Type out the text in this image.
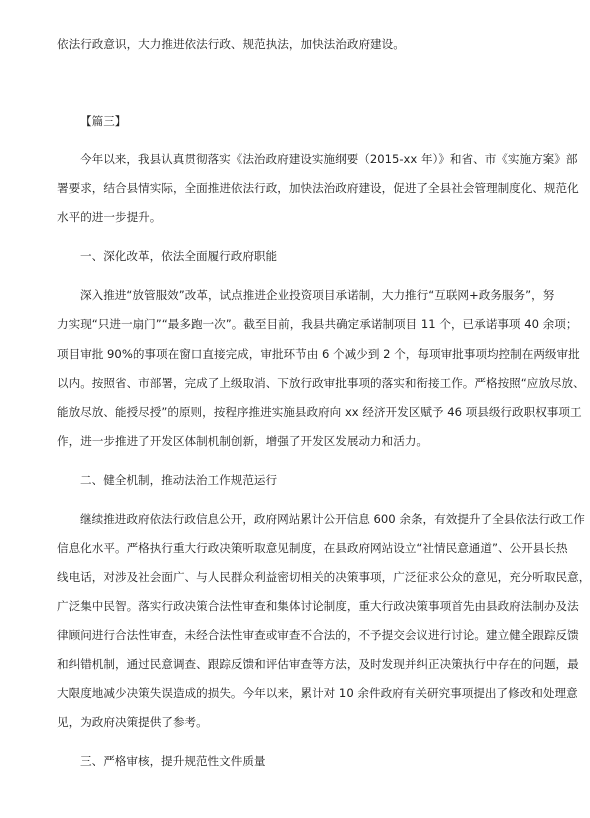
依法行政意识，大力推进依法行政、规范执法，加快法治政府建设。
【篇三】
今年以来，我县认真贯彻落实《法治政府建设实施纲要（2015-xx 年）》和省、市《实施方案》部
署要求，结合县情实际，全面推进依法行政，加快法治政府建设，促进了全县社会管理制度化、规范化
水平的进一步提升。
一、深化改革，依法全面履行政府职能
深入推进“放管服效”改革，试点推进企业投资项目承诺制，大力推行“互联网+政务服务”，努
力实现“只进一扇门”“最多跑一次”。截至目前，我县共确定承诺制项目 11 个，已承诺事项 40 余项；
项目审批 90%的事项在窗口直接完成，审批环节由 6 个减少到 2 个，每项审批事项均控制在两级审批
以内。按照省、市部署，完成了上级取消、下放行政审批事项的落实和衔接工作。严格按照“应放尽放、
能放尽放、能授尽授”的原则，按程序推进实施县政府向 xx 经济开发区赋予 46 项县级行政职权事项工
作，进一步推进了开发区体制机制创新，增强了开发区发展动力和活力。
二、健全机制，推动法治工作规范运行
继续推进政府依法行政信息公开，政府网站累计公开信息 600 余条，有效提升了全县依法行政工作
信息化水平。严格执行重大行政决策听取意见制度，在县政府网站设立“社情民意通道”、公开县长热
线电话，对涉及社会面广、与人民群众利益密切相关的决策事项，广泛征求公众的意见，充分听取民意，
广泛集中民智。落实行政决策合法性审查和集体讨论制度，重大行政决策事项首先由县政府法制办及法
律顾问进行合法性审查，未经合法性审查或审查不合法的，不予提交会议进行讨论。建立健全跟踪反馈
和纠错机制，通过民意调查、跟踪反馈和评估审查等方法，及时发现并纠正决策执行中存在的问题，最
大限度地减少决策失误造成的损失。今年以来，累计对 10 余件政府有关研究事项提出了修改和处理意
见，为政府决策提供了参考。
三、严格审核，提升规范性文件质量
